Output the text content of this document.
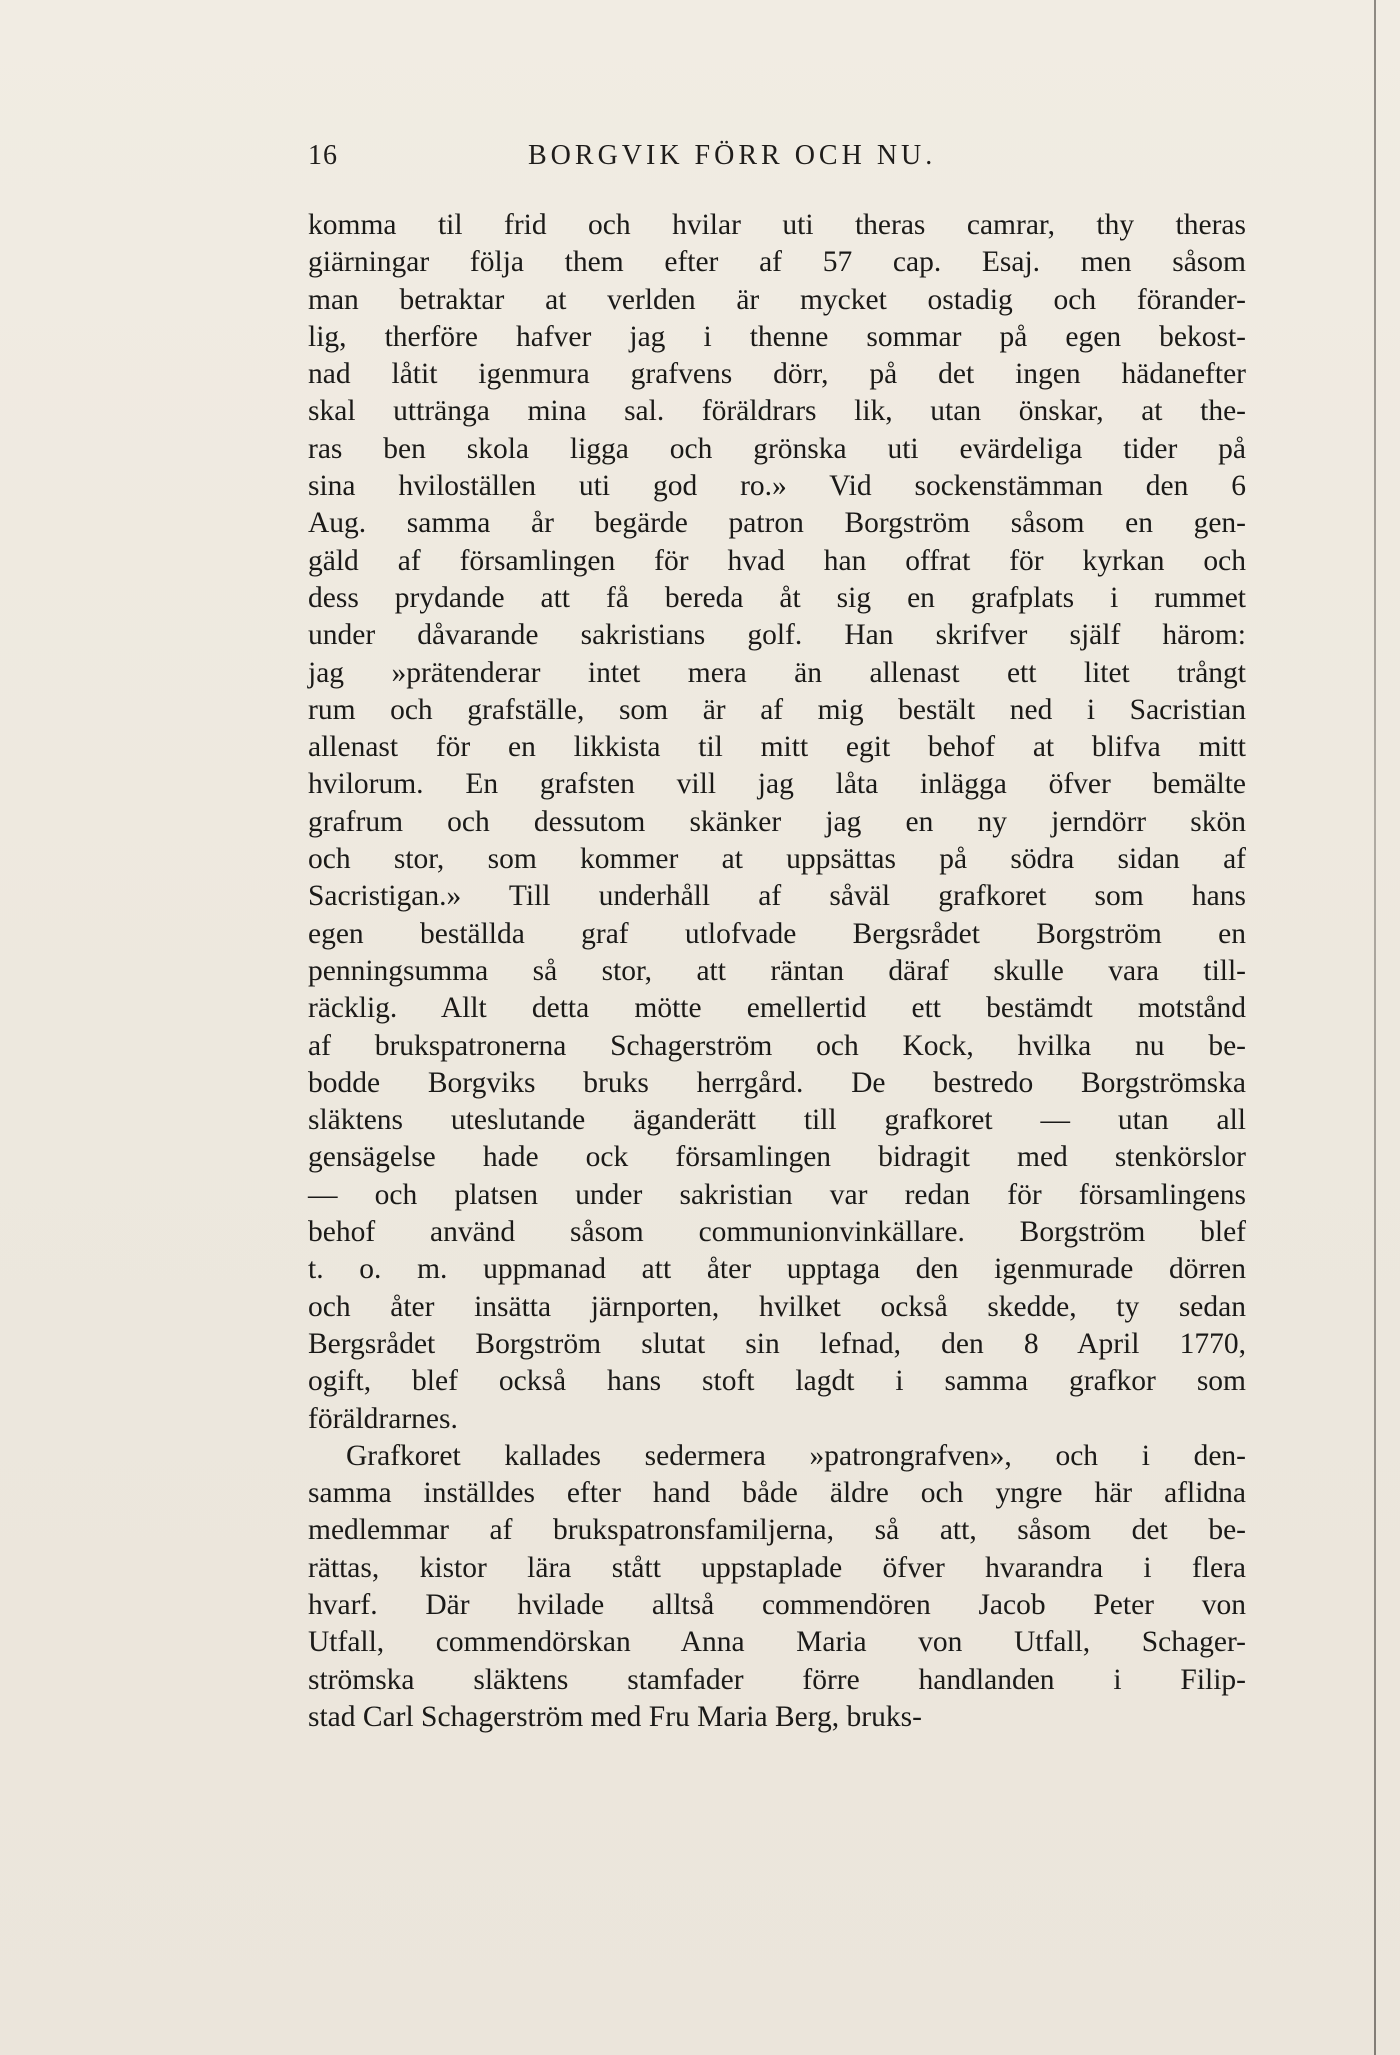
16	BORGVIK FÖRR OCH NU.
komma til frid och hvilar uti theras camrar, thy theras
giärningar följa them efter af 57 cap. Esaj. men såsom
man betraktar at verlden är mycket ostadig och förander-
lig, therföre hafver jag i thenne sommar på egen bekost-
nad låtit igenmura grafvens dörr, på det ingen hädanefter
skal uttränga mina sal. föräldrars lik, utan önskar, at the-
ras ben skola ligga och grönska uti evärdeliga tider på
sina hviloställen uti god ro.» Vid sockenstämman den 6
Aug. samma år begärde patron Borgström såsom en gen-
gäld af församlingen för hvad han offrat för kyrkan och
dess prydande att få bereda åt sig en grafplats i rummet
under dåvarande sakristians golf. Han skrifver själf härom:
jag »prätenderar intet mera än allenast ett litet trångt
rum och grafställe, som är af mig bestält ned i Sacristian
allenast för en likkista til mitt egit behof at blifva mitt
hvilorum. En grafsten vill jag låta inlägga öfver bemälte
grafrum och dessutom skänker jag en ny jerndörr skön
och stor, som kommer at uppsättas på södra sidan af
Sacristigan.» Till underhåll af såväl grafkoret som hans
egen beställda graf utlofvade Bergsrådet Borgström en
penningsumma så stor, att räntan däraf skulle vara till-
räcklig. Allt detta mötte emellertid ett bestämdt motstånd
af brukspatronerna Schagerström och Kock, hvilka nu be-
bodde Borgviks bruks herrgård. De bestredo Borgströmska
släktens uteslutande äganderätt till grafkoret — utan all
gensägelse hade ock församlingen bidragit med stenkörslor
— och platsen under sakristian var redan för församlingens
behof använd såsom communionvinkällare. Borgström blef
t. o. m. uppmanad att åter upptaga den igenmurade dörren
och åter insätta järnporten, hvilket också skedde, ty sedan
Bergsrådet Borgström slutat sin lefnad, den 8 April 1770,
ogift, blef också hans stoft lagdt i samma grafkor som
föräldrarnes.
Grafkoret kallades sedermera »patrongrafven», och i den-
samma inställdes efter hand både äldre och yngre här aflidna
medlemmar af brukspatronsfamiljerna, så att, såsom det be-
rättas, kistor lära stått uppstaplade öfver hvarandra i flera
hvarf. Där hvilade alltså commendören Jacob Peter von
Utfall, commendörskan Anna Maria von Utfall, Schager-
strömska släktens stamfader förre handlanden i Filip-
stad Carl Schagerström med Fru Maria Berg, bruks-
